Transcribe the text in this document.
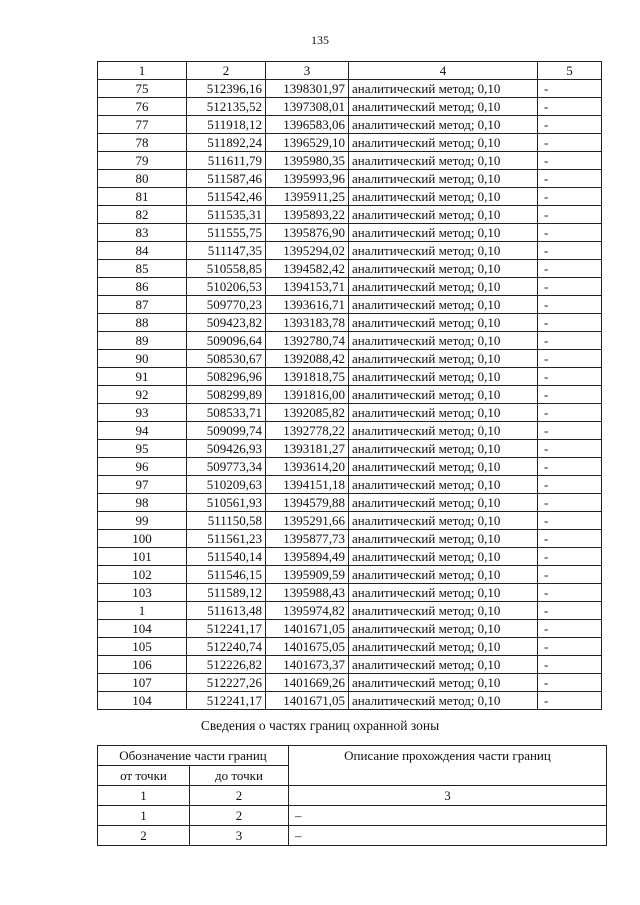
135
1	2	3	4	5
75	512396,16	1398301,97	аналитический метод; 0,10	-
76	512135,52	1397308,01	аналитический метод; 0,10	-
77	511918,12	1396583,06	аналитический метод; 0,10	-
78	511892,24	1396529,10	аналитический метод; 0,10	-
79	511611,79	1395980,35	аналитический метод; 0,10	-
80	511587,46	1395993,96	аналитический метод; 0,10	-
81	511542,46	1395911,25	аналитический метод; 0,10	-
82	511535,31	1395893,22	аналитический метод; 0,10	-
83	511555,75	1395876,90	аналитический метод; 0,10	-
84	511147,35	1395294,02	аналитический метод; 0,10	-
85	510558,85	1394582,42	аналитический метод; 0,10	-
86	510206,53	1394153,71	аналитический метод; 0,10	-
87	509770,23	1393616,71	аналитический метод; 0,10	-
88	509423,82	1393183,78	аналитический метод; 0,10	-
89	509096,64	1392780,74	аналитический метод; 0,10	-
90	508530,67	1392088,42	аналитический метод; 0,10	-
91	508296,96	1391818,75	аналитический метод; 0,10	-
92	508299,89	1391816,00	аналитический метод; 0,10	-
93	508533,71	1392085,82	аналитический метод; 0,10	-
94	509099,74	1392778,22	аналитический метод; 0,10	-
95	509426,93	1393181,27	аналитический метод; 0,10	-
96	509773,34	1393614,20	аналитический метод; 0,10	-
97	510209,63	1394151,18	аналитический метод; 0,10	-
98	510561,93	1394579,88	аналитический метод; 0,10	-
99	511150,58	1395291,66	аналитический метод; 0,10	-
100	511561,23	1395877,73	аналитический метод; 0,10	-
101	511540,14	1395894,49	аналитический метод; 0,10	-
102	511546,15	1395909,59	аналитический метод; 0,10	-
103	511589,12	1395988,43	аналитический метод; 0,10	-
1	511613,48	1395974,82	аналитический метод; 0,10	-
104	512241,17	1401671,05	аналитический метод; 0,10	-
105	512240,74	1401675,05	аналитический метод; 0,10	-
106	512226,82	1401673,37	аналитический метод; 0,10	-
107	512227,26	1401669,26	аналитический метод; 0,10	-
104	512241,17	1401671,05	аналитический метод; 0,10	-
Сведения о частях границ охранной зоны
Обозначение части границ		Описание прохождения части границ
от точки	до точки	
1	2	3
1	2	–
2	3	–
